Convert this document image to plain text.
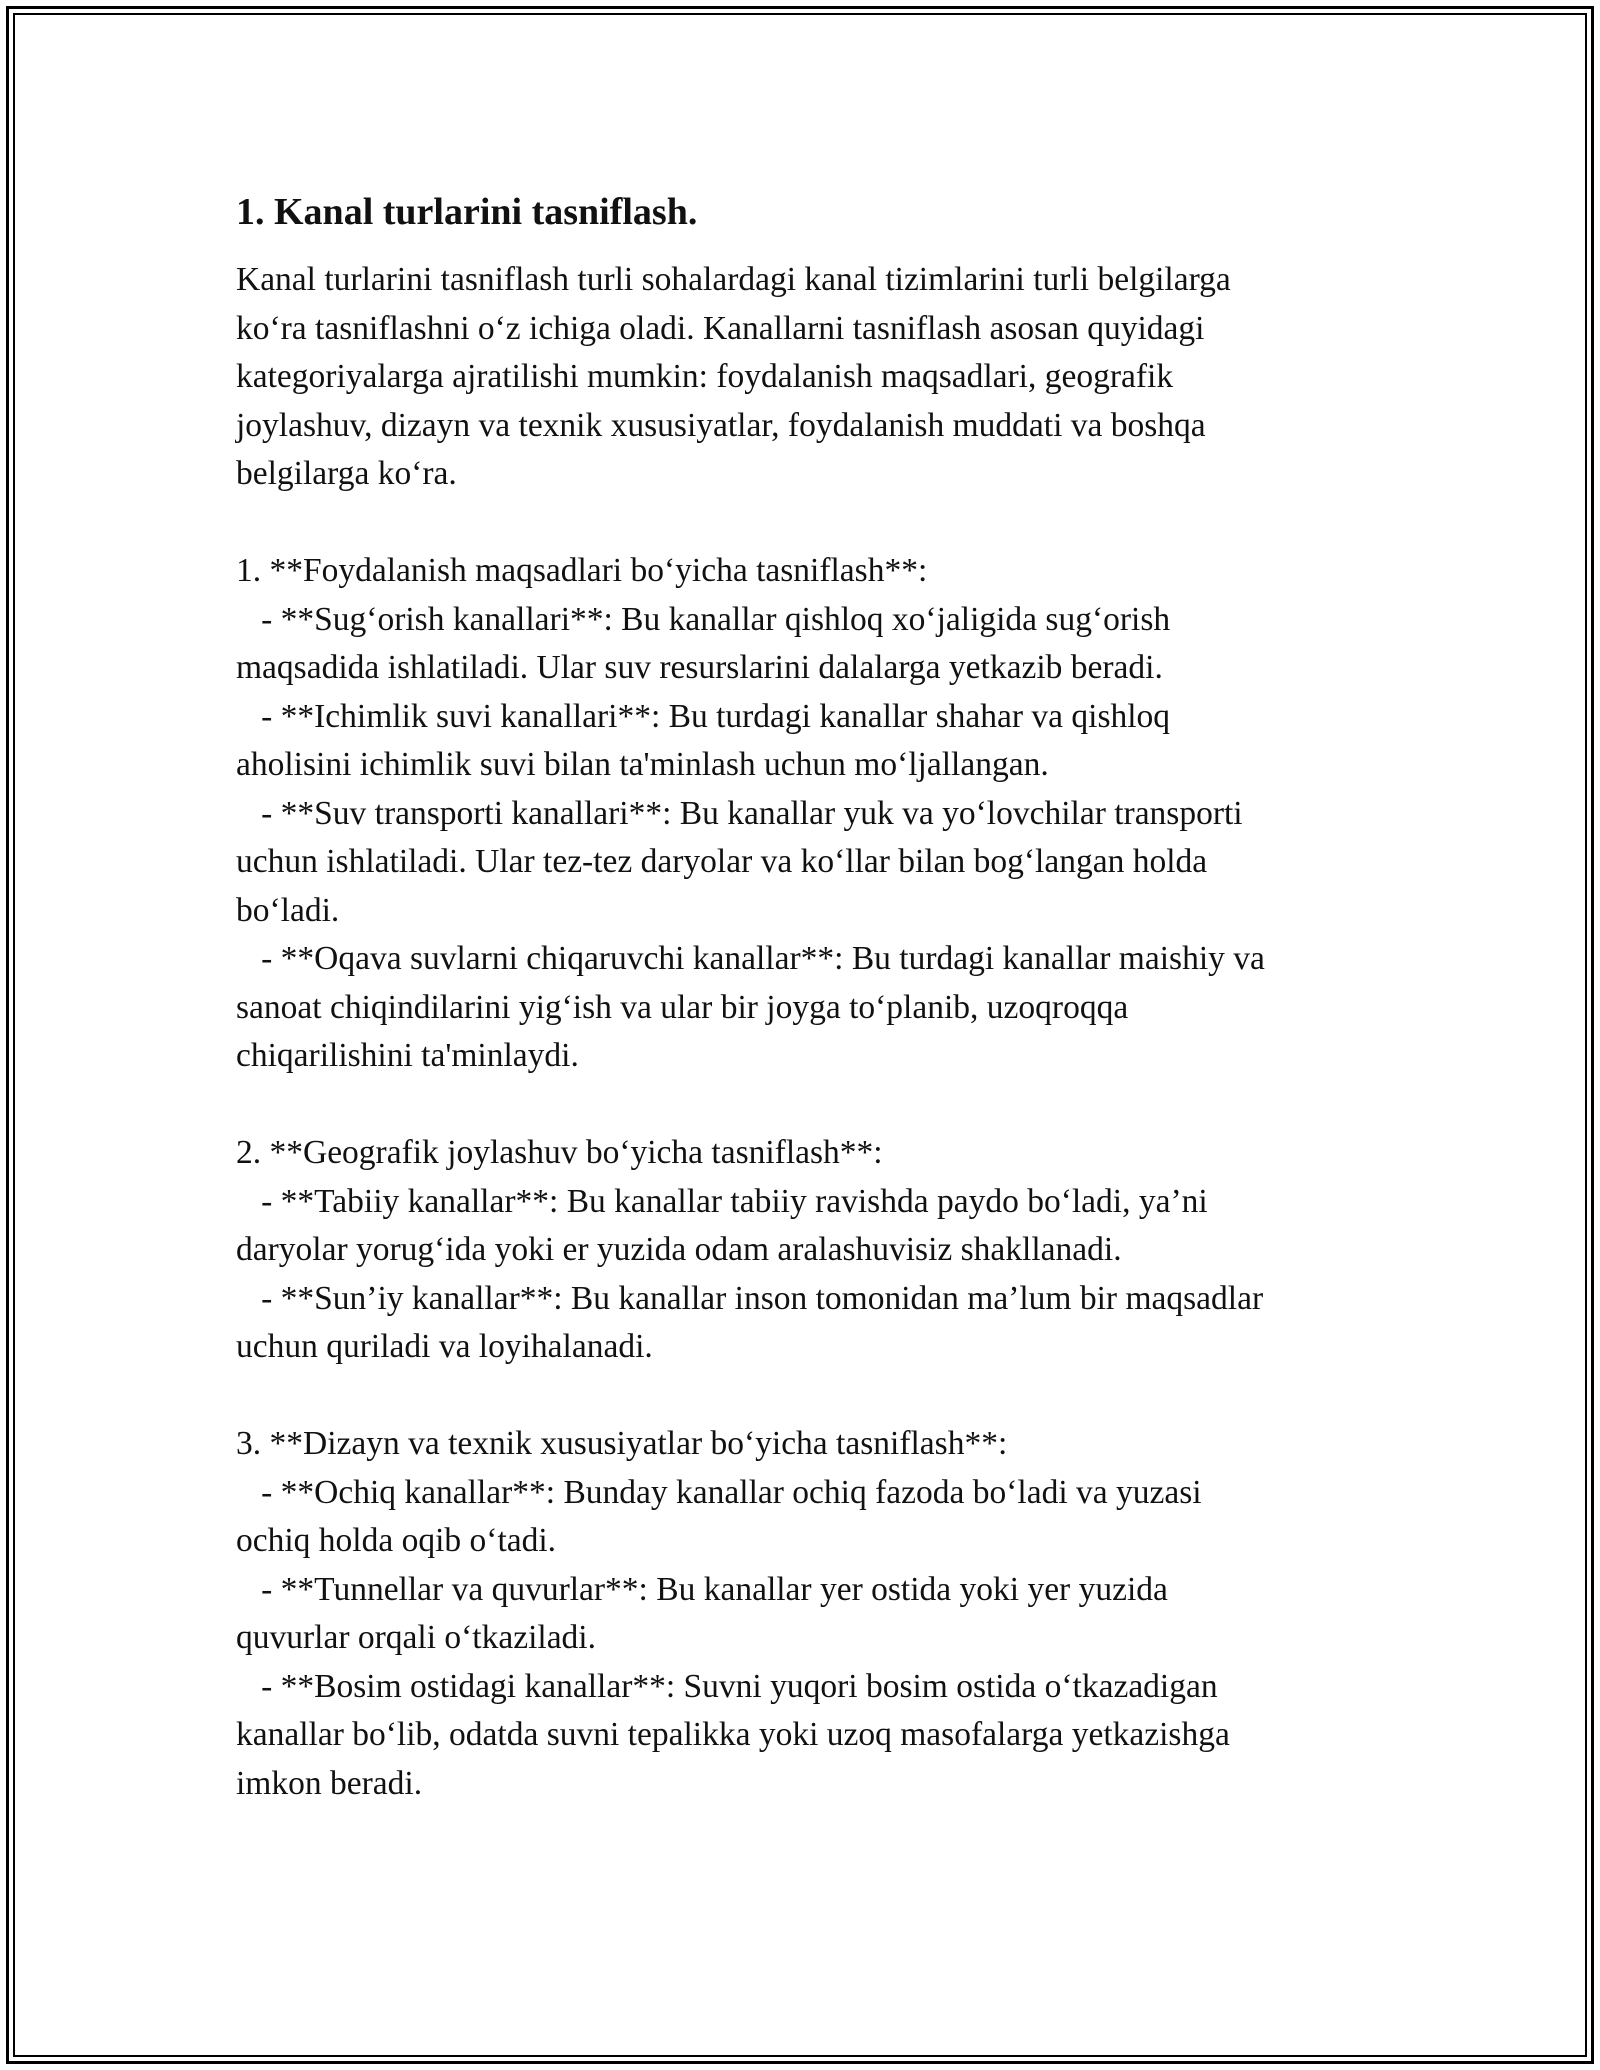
1. Kanal turlarini tasniflash.
Kanal turlarini tasniflash turli sohalardagi kanal tizimlarini turli belgilarga
koʻra tasniflashni oʻz ichiga oladi. Kanallarni tasniflash asosan quyidagi
kategoriyalarga ajratilishi mumkin: foydalanish maqsadlari, geografik
joylashuv, dizayn va texnik xususiyatlar, foydalanish muddati va boshqa
belgilarga koʻra.
1. **Foydalanish maqsadlari boʻyicha tasniflash**:
- **Sugʻorish kanallari**: Bu kanallar qishloq xoʻjaligida sugʻorish
maqsadida ishlatiladi. Ular suv resurslarini dalalarga yetkazib beradi.
- **Ichimlik suvi kanallari**: Bu turdagi kanallar shahar va qishloq
aholisini ichimlik suvi bilan ta'minlash uchun moʻljallangan.
- **Suv transporti kanallari**: Bu kanallar yuk va yoʻlovchilar transporti
uchun ishlatiladi. Ular tez-tez daryolar va koʻllar bilan bogʻlangan holda
boʻladi.
- **Oqava suvlarni chiqaruvchi kanallar**: Bu turdagi kanallar maishiy va
sanoat chiqindilarini yigʻish va ular bir joyga toʻplanib, uzoqroqqa
chiqarilishini ta'minlaydi.
2. **Geografik joylashuv boʻyicha tasniflash**:
- **Tabiiy kanallar**: Bu kanallar tabiiy ravishda paydo boʻladi, ya’ni
daryolar yorugʻida yoki er yuzida odam aralashuvisiz shakllanadi.
- **Sun’iy kanallar**: Bu kanallar inson tomonidan ma’lum bir maqsadlar
uchun quriladi va loyihalanadi.
3. **Dizayn va texnik xususiyatlar boʻyicha tasniflash**:
- **Ochiq kanallar**: Bunday kanallar ochiq fazoda boʻladi va yuzasi
ochiq holda oqib oʻtadi.
- **Tunnellar va quvurlar**: Bu kanallar yer ostida yoki yer yuzida
quvurlar orqali oʻtkaziladi.
- **Bosim ostidagi kanallar**: Suvni yuqori bosim ostida oʻtkazadigan
kanallar boʻlib, odatda suvni tepalikka yoki uzoq masofalarga yetkazishga
imkon beradi.
